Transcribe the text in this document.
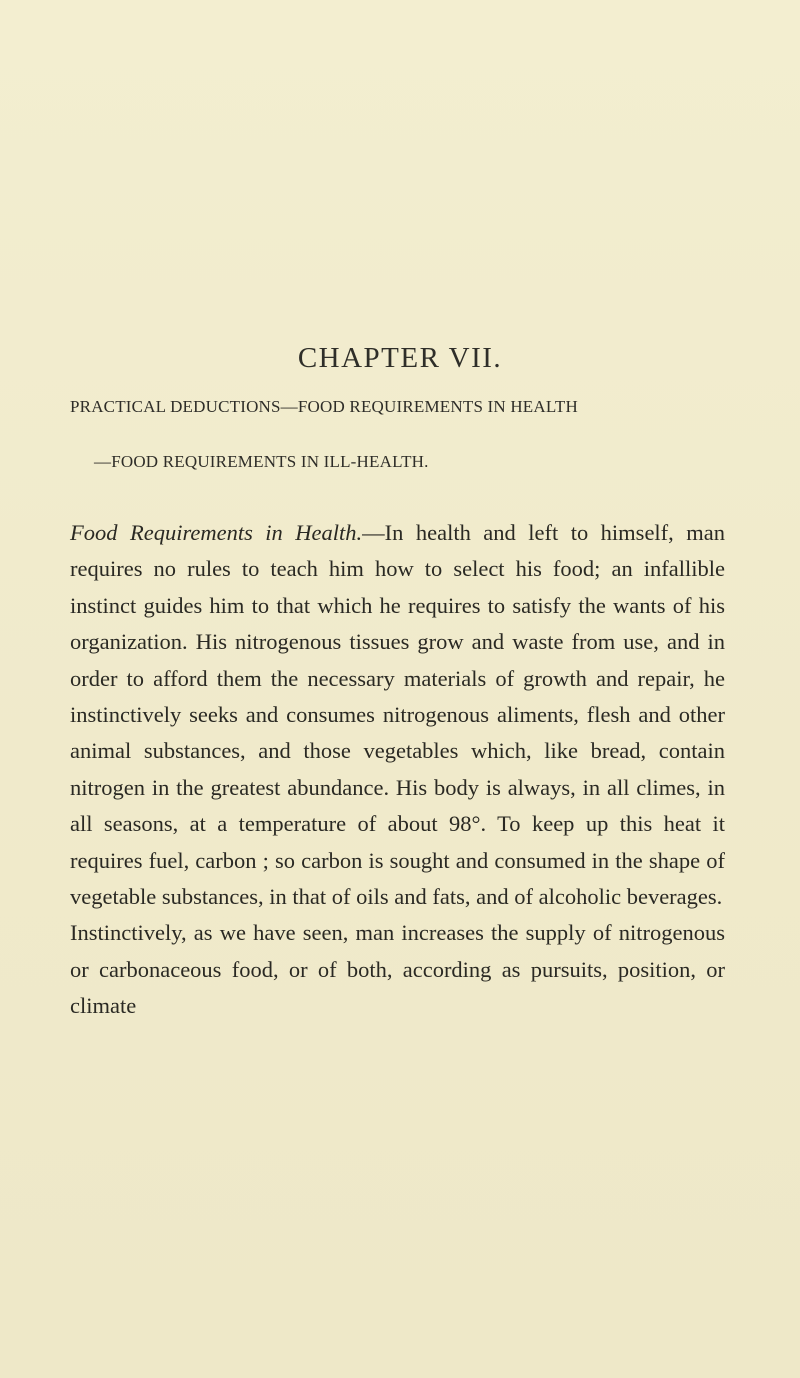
CHAPTER VII.
PRACTICAL DEDUCTIONS—FOOD REQUIREMENTS IN HEALTH
—FOOD REQUIREMENTS IN ILL-HEALTH.

Food Requirements in Health.—In health and left to himself, man requires no rules to teach him how to select his food; an infallible instinct guides him to that which he requires to satisfy the wants of his organization. His nitrogenous tissues grow and waste from use, and in order to afford them the necessary materials of growth and repair, he instinctively seeks and consumes nitrogenous aliments, flesh and other animal substances, and those vegetables which, like bread, contain nitrogen in the greatest abundance. His body is always, in all climes, in all seasons, at a temperature of about 98°. To keep up this heat it requires fuel, carbon ; so carbon is sought and consumed in the shape of vegetable substances, in that of oils and fats, and of alcoholic beverages.

Instinctively, as we have seen, man increases the supply of nitrogenous or carbonaceous food, or of both, according as pursuits, position, or climate
